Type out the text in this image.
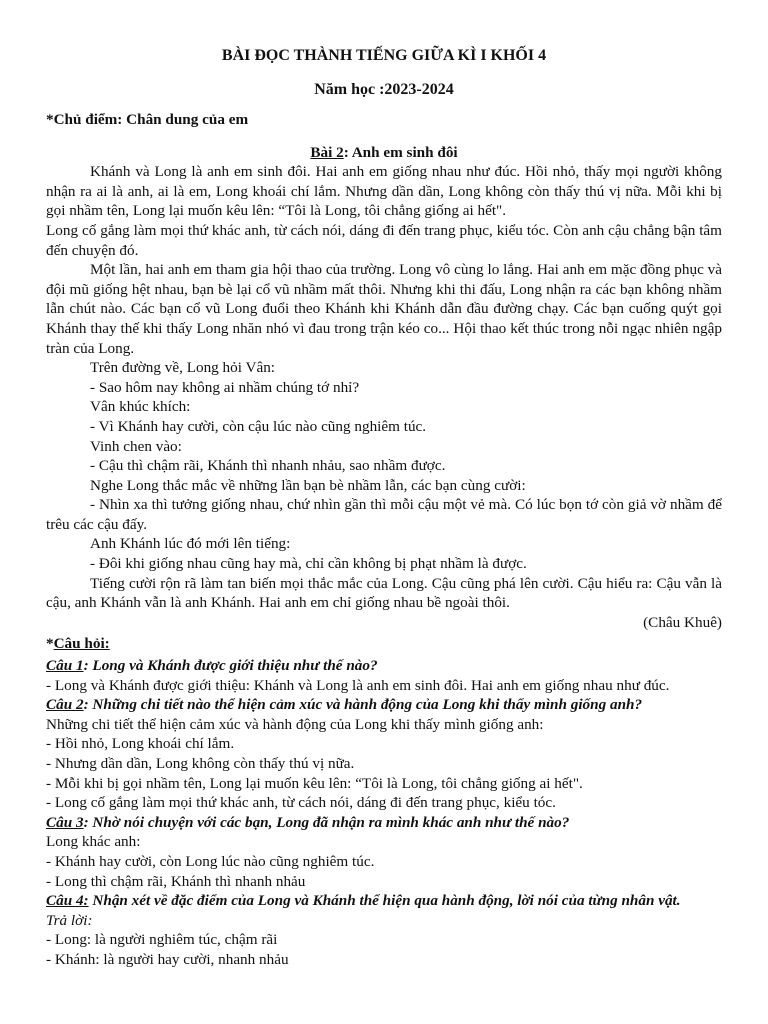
BÀI ĐỌC THÀNH TIẾNG GIỮA KÌ I KHỐI 4
Năm học :2023-2024
*Chủ điểm: Chân dung của em
Bài 2: Anh em sinh đôi

Khánh và Long là anh em sinh đôi. Hai anh em giống nhau như đúc. Hồi nhỏ, thấy mọi người không nhận ra ai là anh, ai là em, Long khoái chí lắm. Nhưng dần dần, Long không còn thấy thú vị nữa. Mỗi khi bị gọi nhầm tên, Long lại muốn kêu lên: “Tôi là Long, tôi chẳng giống ai hết".

Long cố gắng làm mọi thứ khác anh, từ cách nói, dáng đi đến trang phục, kiểu tóc. Còn anh cậu chẳng bận tâm đến chuyện đó.

Một lần, hai anh em tham gia hội thao của trường. Long vô cùng lo lắng. Hai anh em mặc đồng phục và đội mũ giống hệt nhau, bạn bè lại cổ vũ nhầm mất thôi. Nhưng khi thi đấu, Long nhận ra các bạn không nhầm lẫn chút nào. Các bạn cổ vũ Long đuổi theo Khánh khi Khánh dẫn đầu đường chạy. Các bạn cuống quýt gọi Khánh thay thế khi thấy Long nhăn nhó vì đau trong trận kéo co... Hội thao kết thúc trong nỗi ngạc nhiên ngập tràn của Long.

Trên đường về, Long hỏi Vân:

- Sao hôm nay không ai nhầm chúng tớ nhỉ?

Vân khúc khích:

- Vì Khánh hay cười, còn cậu lúc nào cũng nghiêm túc.

Vinh chen vào:

- Cậu thì chậm rãi, Khánh thì nhanh nhảu, sao nhầm được.

Nghe Long thắc mắc về những lần bạn bè nhầm lẫn, các bạn cùng cười:

- Nhìn xa thì tưởng giống nhau, chứ nhìn gần thì mỗi cậu một vẻ mà. Có lúc bọn tớ còn giả vờ nhầm để trêu các cậu đấy.

Anh Khánh lúc đó mới lên tiếng:

- Đôi khi giống nhau cũng hay mà, chỉ cần không bị phạt nhầm là được.

Tiếng cười rộn rã làm tan biến mọi thắc mắc của Long. Cậu cũng phá lên cười. Cậu hiểu ra: Cậu vẫn là cậu, anh Khánh vẫn là anh Khánh. Hai anh em chỉ giống nhau bề ngoài thôi.

(Châu Khuê)

*Câu hỏi:

Câu 1: Long và Khánh được giới thiệu như thế nào?

- Long và Khánh được giới thiệu: Khánh và Long là anh em sinh đôi. Hai anh em giống nhau như đúc.

Câu 2: Những chi tiết nào thể hiện cảm xúc và hành động của Long khi thấy mình giống anh?

Những chi tiết thể hiện cảm xúc và hành động của Long khi thấy mình giống anh:

- Hồi nhỏ, Long khoái chí lắm.

- Nhưng dần dần, Long không còn thấy thú vị nữa.

- Mỗi khi bị gọi nhầm tên, Long lại muốn kêu lên: “Tôi là Long, tôi chẳng giống ai hết".

- Long cố gắng làm mọi thứ khác anh, từ cách nói, dáng đi đến trang phục, kiểu tóc.

Câu 3: Nhờ nói chuyện với các bạn, Long đã nhận ra mình khác anh như thế nào?

Long khác anh:

- Khánh hay cười, còn Long lúc nào cũng nghiêm túc.

- Long thì chậm rãi, Khánh thì nhanh nhảu

Câu 4: Nhận xét về đặc điểm của Long và Khánh thể hiện qua hành động, lời nói của từng nhân vật.

Trả lời:

- Long: là người nghiêm túc, chậm rãi

- Khánh: là người hay cười, nhanh nhảu
